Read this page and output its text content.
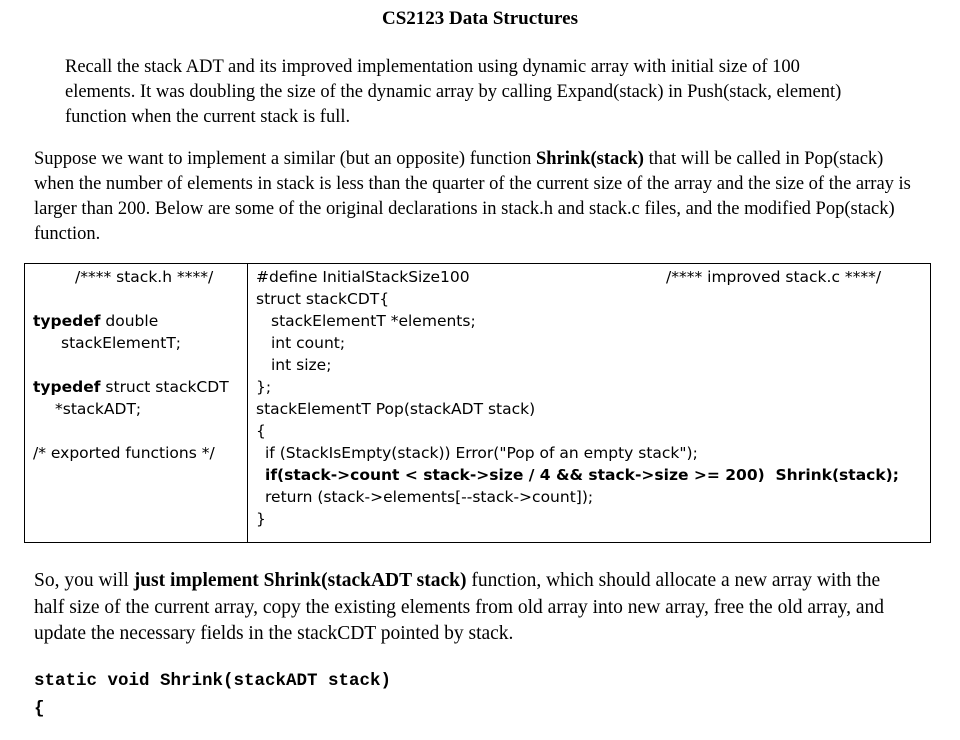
CS2123 Data Structures

Recall the stack ADT and its improved implementation using dynamic array with initial size of 100 elements. It was doubling the size of the dynamic array by calling Expand(stack) in Push(stack, element) function when the current stack is full.

Suppose we want to implement a similar (but an opposite) function Shrink(stack) that will be called in Pop(stack) when the number of elements in stack is less than the quarter of the current size of the array and the size of the array is larger than 200. Below are some of the original declarations in stack.h and stack.c files, and the modified Pop(stack) function.

/**** stack.h ****/
typedef double
stackElementT;
typedef struct stackCDT
*stackADT;
/* exported functions */
#define InitialStackSize100	/**** improved stack.c ****/
struct stackCDT{
stackElementT *elements;
int count;
int size;
};
stackElementT Pop(stackADT stack)
{
if (StackIsEmpty(stack)) Error("Pop of an empty stack");
if(stack->count < stack->size / 4 && stack->size >= 200)  Shrink(stack);
return (stack->elements[--stack->count]);
}

So, you will just implement Shrink(stackADT stack) function, which should allocate a new array with the half size of the current array, copy the existing elements from old array into new array, free the old array, and update the necessary fields in the stackCDT pointed by stack.

static void Shrink(stackADT stack)
{
